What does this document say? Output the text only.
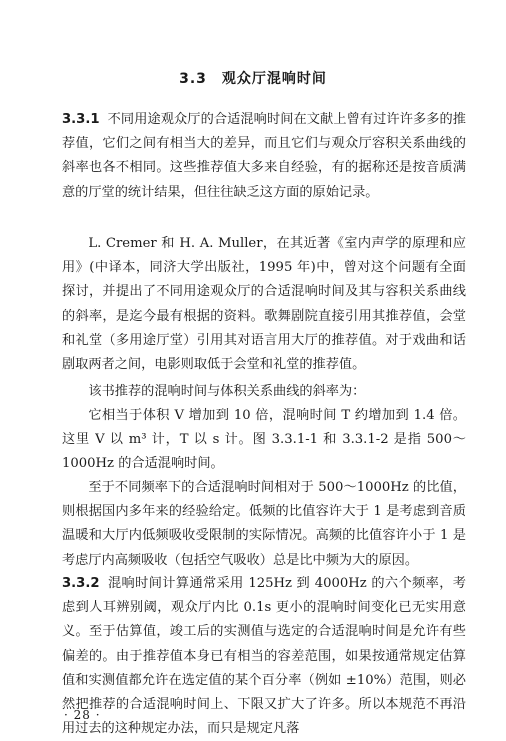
3.3　观众厅混响时间

3.3.1 不同用途观众厅的合适混响时间在文献上曾有过许许多多的推荐值，它们之间有相当大的差异，而且它们与观众厅容积关系曲线的斜率也各不相同。这些推荐值大多来自经验，有的据称还是按音质满意的厅堂的统计结果，但往往缺乏这方面的原始记录。

L. Cremer 和 H. A. Muller，在其近著《室内声学的原理和应用》(中译本，同济大学出版社，1995 年)中，曾对这个问题有全面探讨，并提出了不同用途观众厅的合适混响时间及其与容积关系曲线的斜率，是迄今最有根据的资料。歌舞剧院直接引用其推荐值，会堂和礼堂（多用途厅堂）引用其对语言用大厅的推荐值。对于戏曲和话剧取两者之间，电影则取低于会堂和礼堂的推荐值。

该书推荐的混响时间与体积关系曲线的斜率为：

它相当于体积 V 增加到 10 倍，混响时间 T 约增加到 1.4 倍。这里 V 以 m³ 计，T 以 s 计。图 3.3.1-1 和 3.3.1-2 是指 500～1000Hz 的合适混响时间。

至于不同频率下的合适混响时间相对于 500～1000Hz 的比值，则根据国内多年来的经验给定。低频的比值容许大于 1 是考虑到音质温暖和大厅内低频吸收受限制的实际情况。高频的比值容许小于 1 是考虑厅内高频吸收（包括空气吸收）总是比中频为大的原因。

3.3.2 混响时间计算通常采用 125Hz 到 4000Hz 的六个频率，考虑到人耳辨别阈，观众厅内比 0.1s 更小的混响时间变化已无实用意义。至于估算值，竣工后的实测值与选定的合适混响时间是允许有些偏差的。由于推荐值本身已有相当的容差范围，如果按通常规定估算值和实测值都允许在选定值的某个百分率（例如 ±10%）范围，则必然把推荐的合适混响时间上、下限又扩大了许多。所以本规范不再沿用过去的这种规定办法，而只是规定凡落

· 28 ·
